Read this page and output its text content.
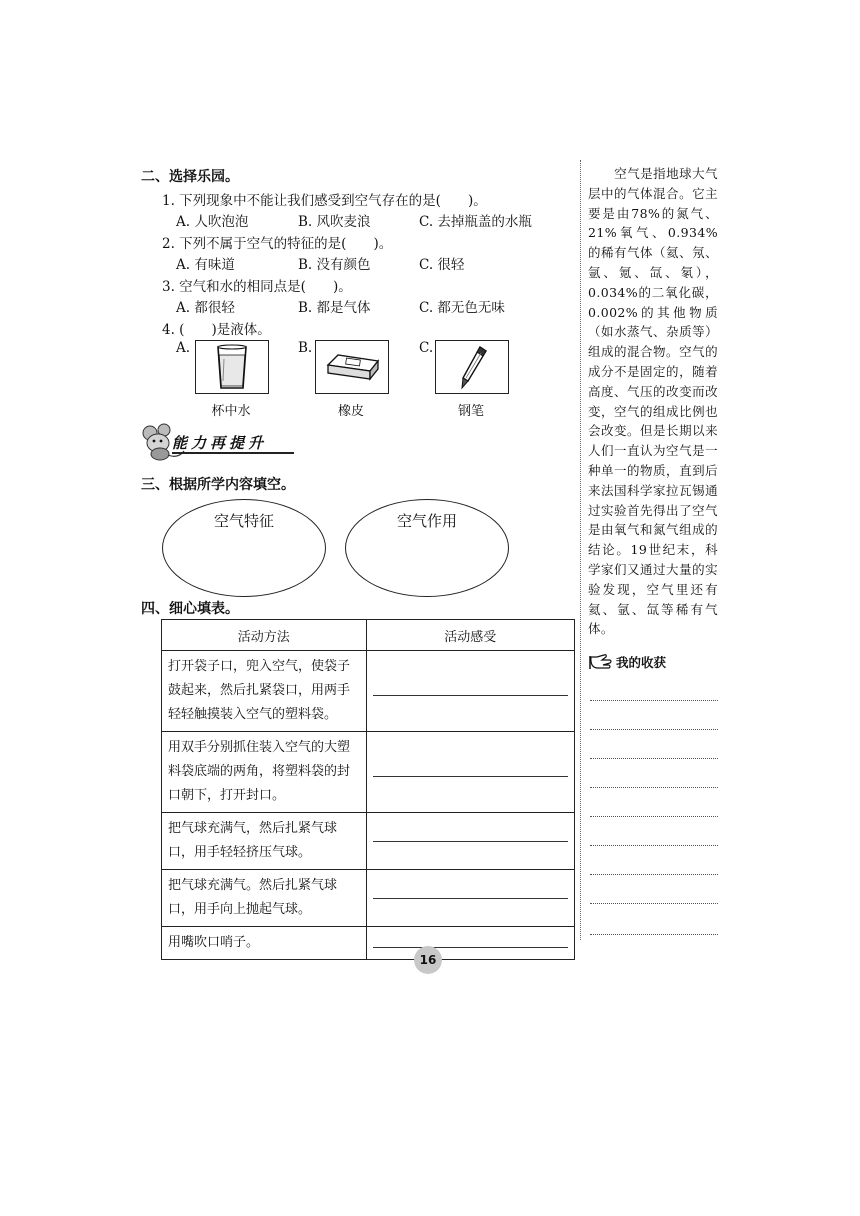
二、选择乐园。
1. 下列现象中不能让我们感受到空气存在的是(　　)。
A. 人吹泡泡	B. 风吹麦浪	C. 去掉瓶盖的水瓶
2. 下列不属于空气的特征的是(　　)。
A. 有味道	B. 没有颜色	C. 很轻
3. 空气和水的相同点是(　　)。
A. 都很轻	B. 都是气体	C. 都无色无味
4. (　　)是液体。
A.
杯中水
B.
橡皮
C.
钢笔
能力再提升
三、根据所学内容填空。
空气特征	空气作用
四、细心填表。
活动方法	活动感受
打开袋子口，兜入空气，使袋子鼓起来，然后扎紧袋口，用两手轻轻触摸装入空气的塑料袋。	

用双手分别抓住装入空气的大塑料袋底端的两角，将塑料袋的封口朝下，打开封口。	

把气球充满气，然后扎紧气球口，用手轻轻挤压气球。	

把气球充满气。然后扎紧气球口，用手向上抛起气球。	

用嘴吹口哨子。	
空气是指地球大气层中的气体混合。它主要是由78%的氮气、21%氧气、0.934%的稀有气体（氦、氖、氩、氪、氙、氡），0.034%的二氧化碳，0.002%的其他物质（如水蒸气、杂质等）组成的混合物。空气的成分不是固定的，随着高度、气压的改变而改变，空气的组成比例也会改变。但是长期以来人们一直认为空气是一种单一的物质，直到后来法国科学家拉瓦锡通过实验首先得出了空气是由氧气和氮气组成的结论。19世纪末，科学家们又通过大量的实验发现，空气里还有氦、氩、氙等稀有气体。
我的收获
16
